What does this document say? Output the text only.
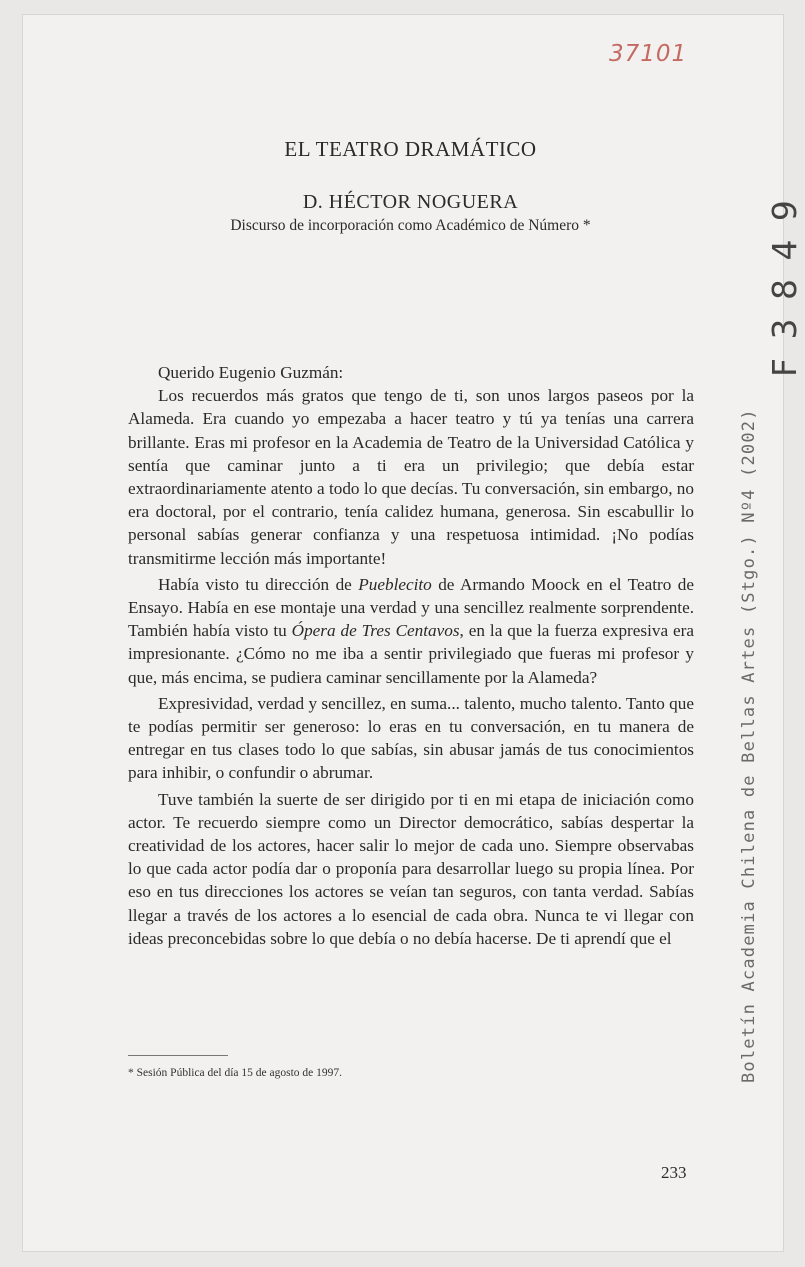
37101
F 3 8 4 9
Boletín Academia Chilena de Bellas Artes (Stgo.) Nº4 (2002)
EL TEATRO DRAMÁTICO
D. HÉCTOR NOGUERA
Discurso de incorporación como Académico de Número *

Querido Eugenio Guzmán:

Los recuerdos más gratos que tengo de ti, son unos largos paseos por la Alameda. Era cuando yo empezaba a hacer teatro y tú ya tenías una carrera brillante. Eras mi profesor en la Academia de Teatro de la Universidad Católica y sentía que caminar junto a ti era un privilegio; que debía estar extraordinariamente atento a todo lo que decías. Tu conversación, sin embargo, no era doctoral, por el contrario, tenía calidez humana, generosa. Sin escabullir lo personal sabías generar confianza y una respetuosa intimidad. ¡No podías transmitirme lección más importante!

Había visto tu dirección de Pueblecito de Armando Moock en el Teatro de Ensayo. Había en ese montaje una verdad y una sencillez realmente sorprendente. También había visto tu Ópera de Tres Centavos, en la que la fuerza expresiva era impresionante. ¿Cómo no me iba a sentir privilegiado que fueras mi profesor y que, más encima, se pudiera caminar sencillamente por la Alameda?

Expresividad, verdad y sencillez, en suma... talento, mucho talento. Tanto que te podías permitir ser generoso: lo eras en tu conversación, en tu manera de entregar en tus clases todo lo que sabías, sin abusar jamás de tus conocimientos para inhibir, o confundir o abrumar.

Tuve también la suerte de ser dirigido por ti en mi etapa de iniciación como actor. Te recuerdo siempre como un Director democrático, sabías despertar la creatividad de los actores, hacer salir lo mejor de cada uno. Siempre observabas lo que cada actor podía dar o proponía para desarrollar luego su propia línea. Por eso en tus direcciones los actores se veían tan seguros, con tanta verdad. Sabías llegar a través de los actores a lo esencial de cada obra. Nunca te vi llegar con ideas preconcebidas sobre lo que debía o no debía hacerse. De ti aprendí que el

* Sesión Pública del día 15 de agosto de 1997.
233
